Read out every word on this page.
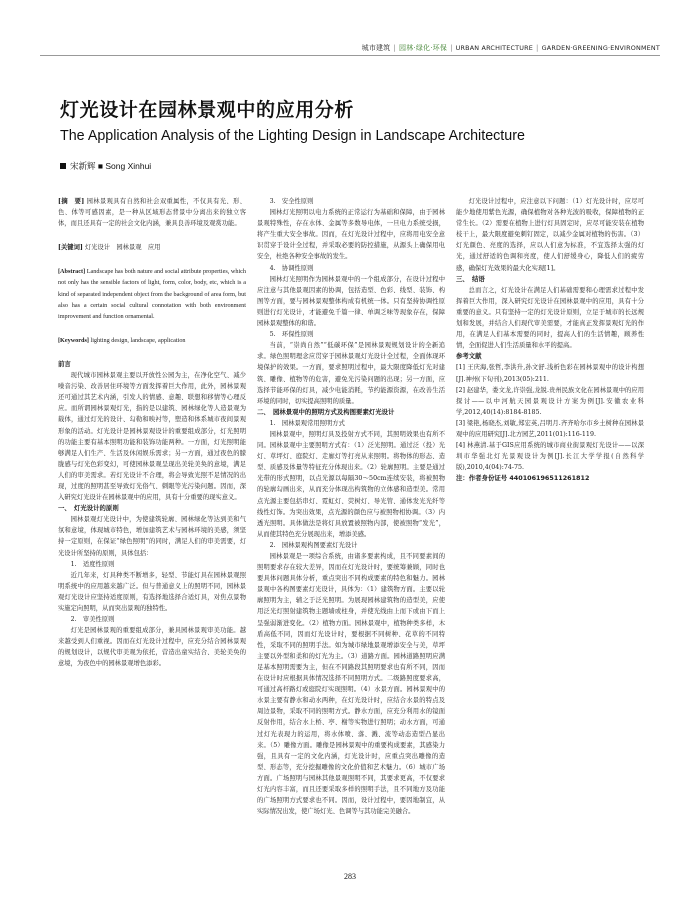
城市建筑 | 园林·绿化·环保 | URBAN ARCHITECTURE | GARDEN·GREENING·ENVIRONMENT
灯光设计在园林景观中的应用分析
The Application Analysis of the Lighting Design in Landscape Architecture
宋新辉 ■ Song Xinhui

[摘　要] 园林景观具有自然和社会双重属性，不仅具有光、形、色、体等可感因素，是一种从区域形态背景中分离出来的独立客体，而且还具有一定的社会文化内涵，兼具良善环境及观赏功能。

[关键词] 灯光设计　园林景观　应用

[Abstract] Landscape has both nature and social attribute properties, which not only has the sensible factors of light, form, color, body, etc, which is a kind of separated independent object from the background of area form, but also has a certain social cultural connotation with both environment improvement and function ornamental.

[Keywords] lighting design, landscape, application

前言

现代城市园林景观主要以开放性公园为主，在净化空气、减少噪音污染、改善居住环境等方面发挥着巨大作用，此外，园林景观还可通过其艺术内涵，引发人的情感、意趣、联想和移情等心理反应。而所谓园林景观灯光，指的是以建筑、园林绿化等人造景观为载体，通过灯光的设计、勾勒和映衬等，塑造和体系城市夜间景观形象的活动。灯光设计是园林景观设计的重要组成部分，灯光照明的功能主要有基本照明功能和装饰功能两种。一方面，灯光照明能够满足人们生产、生活及休闲娱乐需求；另一方面，通过夜色的朦胧感与灯光色彩变幻，可使园林景观呈现出美轮美奂的意境，满足人们的审美需求。若灯光设计不合理，将会导致光照不足情况的出现，过度的照明甚至导致灯光俗气、刺眼等光污染问题。因而，深入研究灯光设计在园林景观中的应用，具有十分重要的现实意义。

一、　灯光设计的原则

园林景观灯光设计中，为使建筑轮廓、园林绿化等达到美和气氛和意境，体现城市特色，增加建筑艺术与园林环境的美感，须坚持一定原则，在保证“绿色照明”的同时，满足人们的审美需要，灯光设计所坚持的原则，具体包括：

1.　适度性原则

近几年来，灯具种类不断增多，轻型、节能灯具在园林景观照明系统中的应用越来越广泛。但与普通意义上的照明不同，园林景观灯光设计应坚持适度原则，有选择地选择合适灯具，对焦点景物实施定向照明，从而突出景观的独特性。

2.　审美性原则

灯光是园林景观的重要组成部分，兼具园林景观审美功能。越来越受到人们重视。因而在灯光设计过程中，应充分结合园林景观的规划设计，以规代审美观为依托，营造出童实结合、美轮美奂的意境，为夜色中的园林景观增色添彩。

3.　安全性原则

园林灯光照明以电力系统的正常运行为基础和保障，由于园林景观特殊性，存在水体、金属等多数导电体，一旦电力系统受损，将产生重大安全事故。因而，在灯光设计过程中，应将用电安全意识贯穿于设计全过程，并采取必要的防控措施，从源头上确保用电安全，杜绝各种安全事故的发生。

4.　协调性原则

园林灯光照明作为园林景观中的一个组成部分，在设计过程中应注意与其他景观因素的协调，包括造型、色彩、线型、装饰、构图等方面，要与园林景观整体构成有机统一体。只有坚持协调性原则进行灯光设计，才能避免千篇一律、单调乏味等现象存在，保障园林景观整体的和谐。

5.　环保性原则

当前，“崇尚自然”“低碳环保”是园林景观规划设计的全新追求。绿色照明理念应贯穿于园林景观灯光设计全过程，全面体现环境保护的效果。一方面，要求照明过程中，最大限度降低灯光对建筑、雕像、植物等的危害，避免光污染问题的出现；另一方面，应选择节能环保的灯具，减少电能消耗，节约能源资源，在改善生活环境的同时，切实提高照明的质量。

二、　园林景观中的照明方式及构图要素灯光设计

1.　园林景观常用照明方式

园林景观中，照明灯具及投射方式不同，其照明效果也有所不同。园林景观中主要照明方式有：（1）泛光照明。通过泛（投）光灯、草坪灯、庭院灯、走廊灯等打亮从来照明。将物体的形态、造型、质感及体量等特征充分体现出来。（2）轮廓照明。主要是通过光带的形式照明，以点光源以每隔30～50cm连续安装，将被照物的轮廓勾画出来，从而充分体现出构筑物的立体感和造型美。常用点光源主要包括串灯、霓虹灯、荧树灯、导光管、通体发光光纤等线性灯饰。为突出效果，点光源的颜色应与被照物相协调。（3）内透光照明。具体做法是将灯具放置被照物内部，使被照物“发光”，从而使其特色充分展现出来，增添美感。

2.　园林景观构图要素灯光设计

园林景观是一项综合系统，由诸多要素构成，且不同要素间的照明要求存在较大差异，因而在灯光设计时，要统筹兼顾，同时也要具体问题具体分析，重点突出不同构成要素的特色和魅力。园林景观中各构图要素灯光设计，具体为：（1）建筑物方面。主要以轮廓照明为主，辅之于泛光照明。为展现园林建筑物的造型美，应使用泛光灯照射建筑物主题墙或柱身，并使光线由上而下或由下而上呈强弱渐进变化。（2）植物方面。园林景观中，植物种类多样，木盾高低不同，因而灯光设计时，要根据不同树种、花草的不同特性，采取不同的照明手法。如为城市绿地景观增添安全与美，草坪主要以外型和柔和的灯光为主。（3）道路方面。园林道路照明应满足基本照明需要为主，但在不同路段其照明要求也有所不同，因而在设计时应根据具体情况选择不同照明方式。二级路照度要求高，可通过高杆路灯或庭院灯实现照明。（4）水景方面。园林景观中的水景主要有静水和动水两种，在灯光设计时，应结合水景的特点及周边景物，采取不同的照明方式。静水方面，应充分利用水的镜面反射作用，结合水上桥、亭、榭等实物进行照明；动水方面，可通过灯光表现力的运用，将水体喷、落、溅、流等动态造型凸显出来。（5）雕像方面。雕像是园林景观中的重要构成要素，其感染力强，且具有一定的文化内涵，灯光设计时，应重点突出雕像的造型、形态等，充分挖掘雕像的文化价值和艺术魅力。（6）城市广场方面。广场照明与园林其他景观照明不同，其要求更高，不仅要求灯光内容丰富，而且还要采取多样的照明手法，且不同地方及功能的广场照明方式要求也不同。因而，设计过程中，要因地制宜，从实际情况出发，使广场灯光、色调等与其功能完美融合。

灯光设计过程中，应注意以下问题：（1）灯光设计时，应尽可能少地使用紫色光源，确保植物对各种光波的吸收，保障植物的正常生长。（2）需要在植物上进行灯具固定时，应尽可能安装在植物枝干上，最大限度避免刺钉固定，以减少金属对植物的伤害。（3）灯光颜色、亮度的选择，应以人们意为标准，不宜选择太强的灯光，通过舒适的色调和亮度，使人们舒缓身心，降低人们的疲劳感，确保灯光效果的最大化实现[1]。

三、　结语

总而言之，灯光设计在满足人们基础需要和心理需求过程中发挥着巨大作用，深入研究灯光设计在园林景观中的应用，具有十分重要的意义。只有坚持一定的灯光设计原则，立足于城市的长远规划和发展，并结合人们现代审美需要，才能真正发挥景观灯光的作用，在满足人们基本需要的同时，提高人们的生活情趣，顾养性情，全面促进人们生活质量和水平的提高。

参考文献

[1] 王庆海,张哲,李洪升,孙文舒.浅析色彩在园林景观中的设计构想[J].神州(下旬刊),2013(05):211.

[2] 赵建华，娄文龙,许崇强,龙锐.贵州民族文化在园林景观中的应用探讨——以中河航天园景观设计方案为例[J].安徽农业科学,2012,40(14):8184-8185.

[3] 梁艳,杨晓杰,刘敏,郑宏英,吕明月.齐齐哈尔市乡土树种在园林景观中的应用研究[J].北方园艺,2011(01):116-119.

[4] 林燕清.基于GIS应用系统的城市商业街景观灯光设计——以深圳市华强北灯光景观设计为例[J].长江大学学报(自然科学版),2010,4(04):74-75.

注：作者身份证号 440106196511261812

283
